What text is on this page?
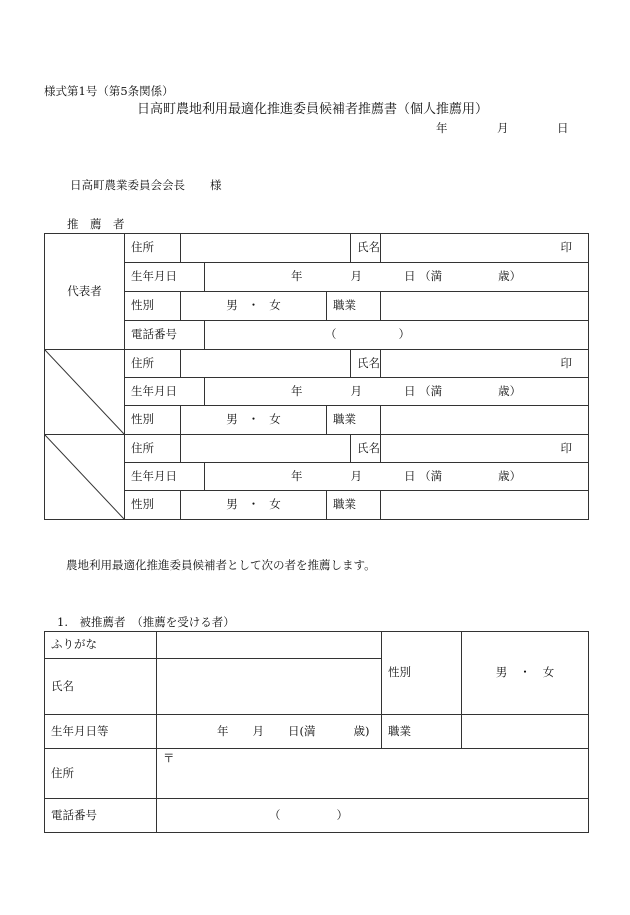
様式第1号（第5条関係）
日高町農地利用最適化推進委員候補者推薦書（個人推薦用）
年	月	日
日高町農業委員会会長 様
推　薦　者
代表者	住所				氏名	印

	生年月日		年 月 日 （満 歳）			
	性別	男 ・ 女		職業		
	電話番号		（ ）			

	住所				氏名	印

	生年月日		年 月 日 （満 歳）			
	性別	男 ・ 女		職業		

	住所				氏名	印

	生年月日		年 月 日 （満 歳）			
	性別	男 ・ 女		職業		
農地利用最適化推進委員候補者として次の者を推薦します。
1.　被推薦者　（推薦を受ける者）
ふりがな		性別	男 ・ 女
氏名			
生年月日等	年 月 日(満 歳)	職業	
住所	〒		
電話番号	（ ）		
